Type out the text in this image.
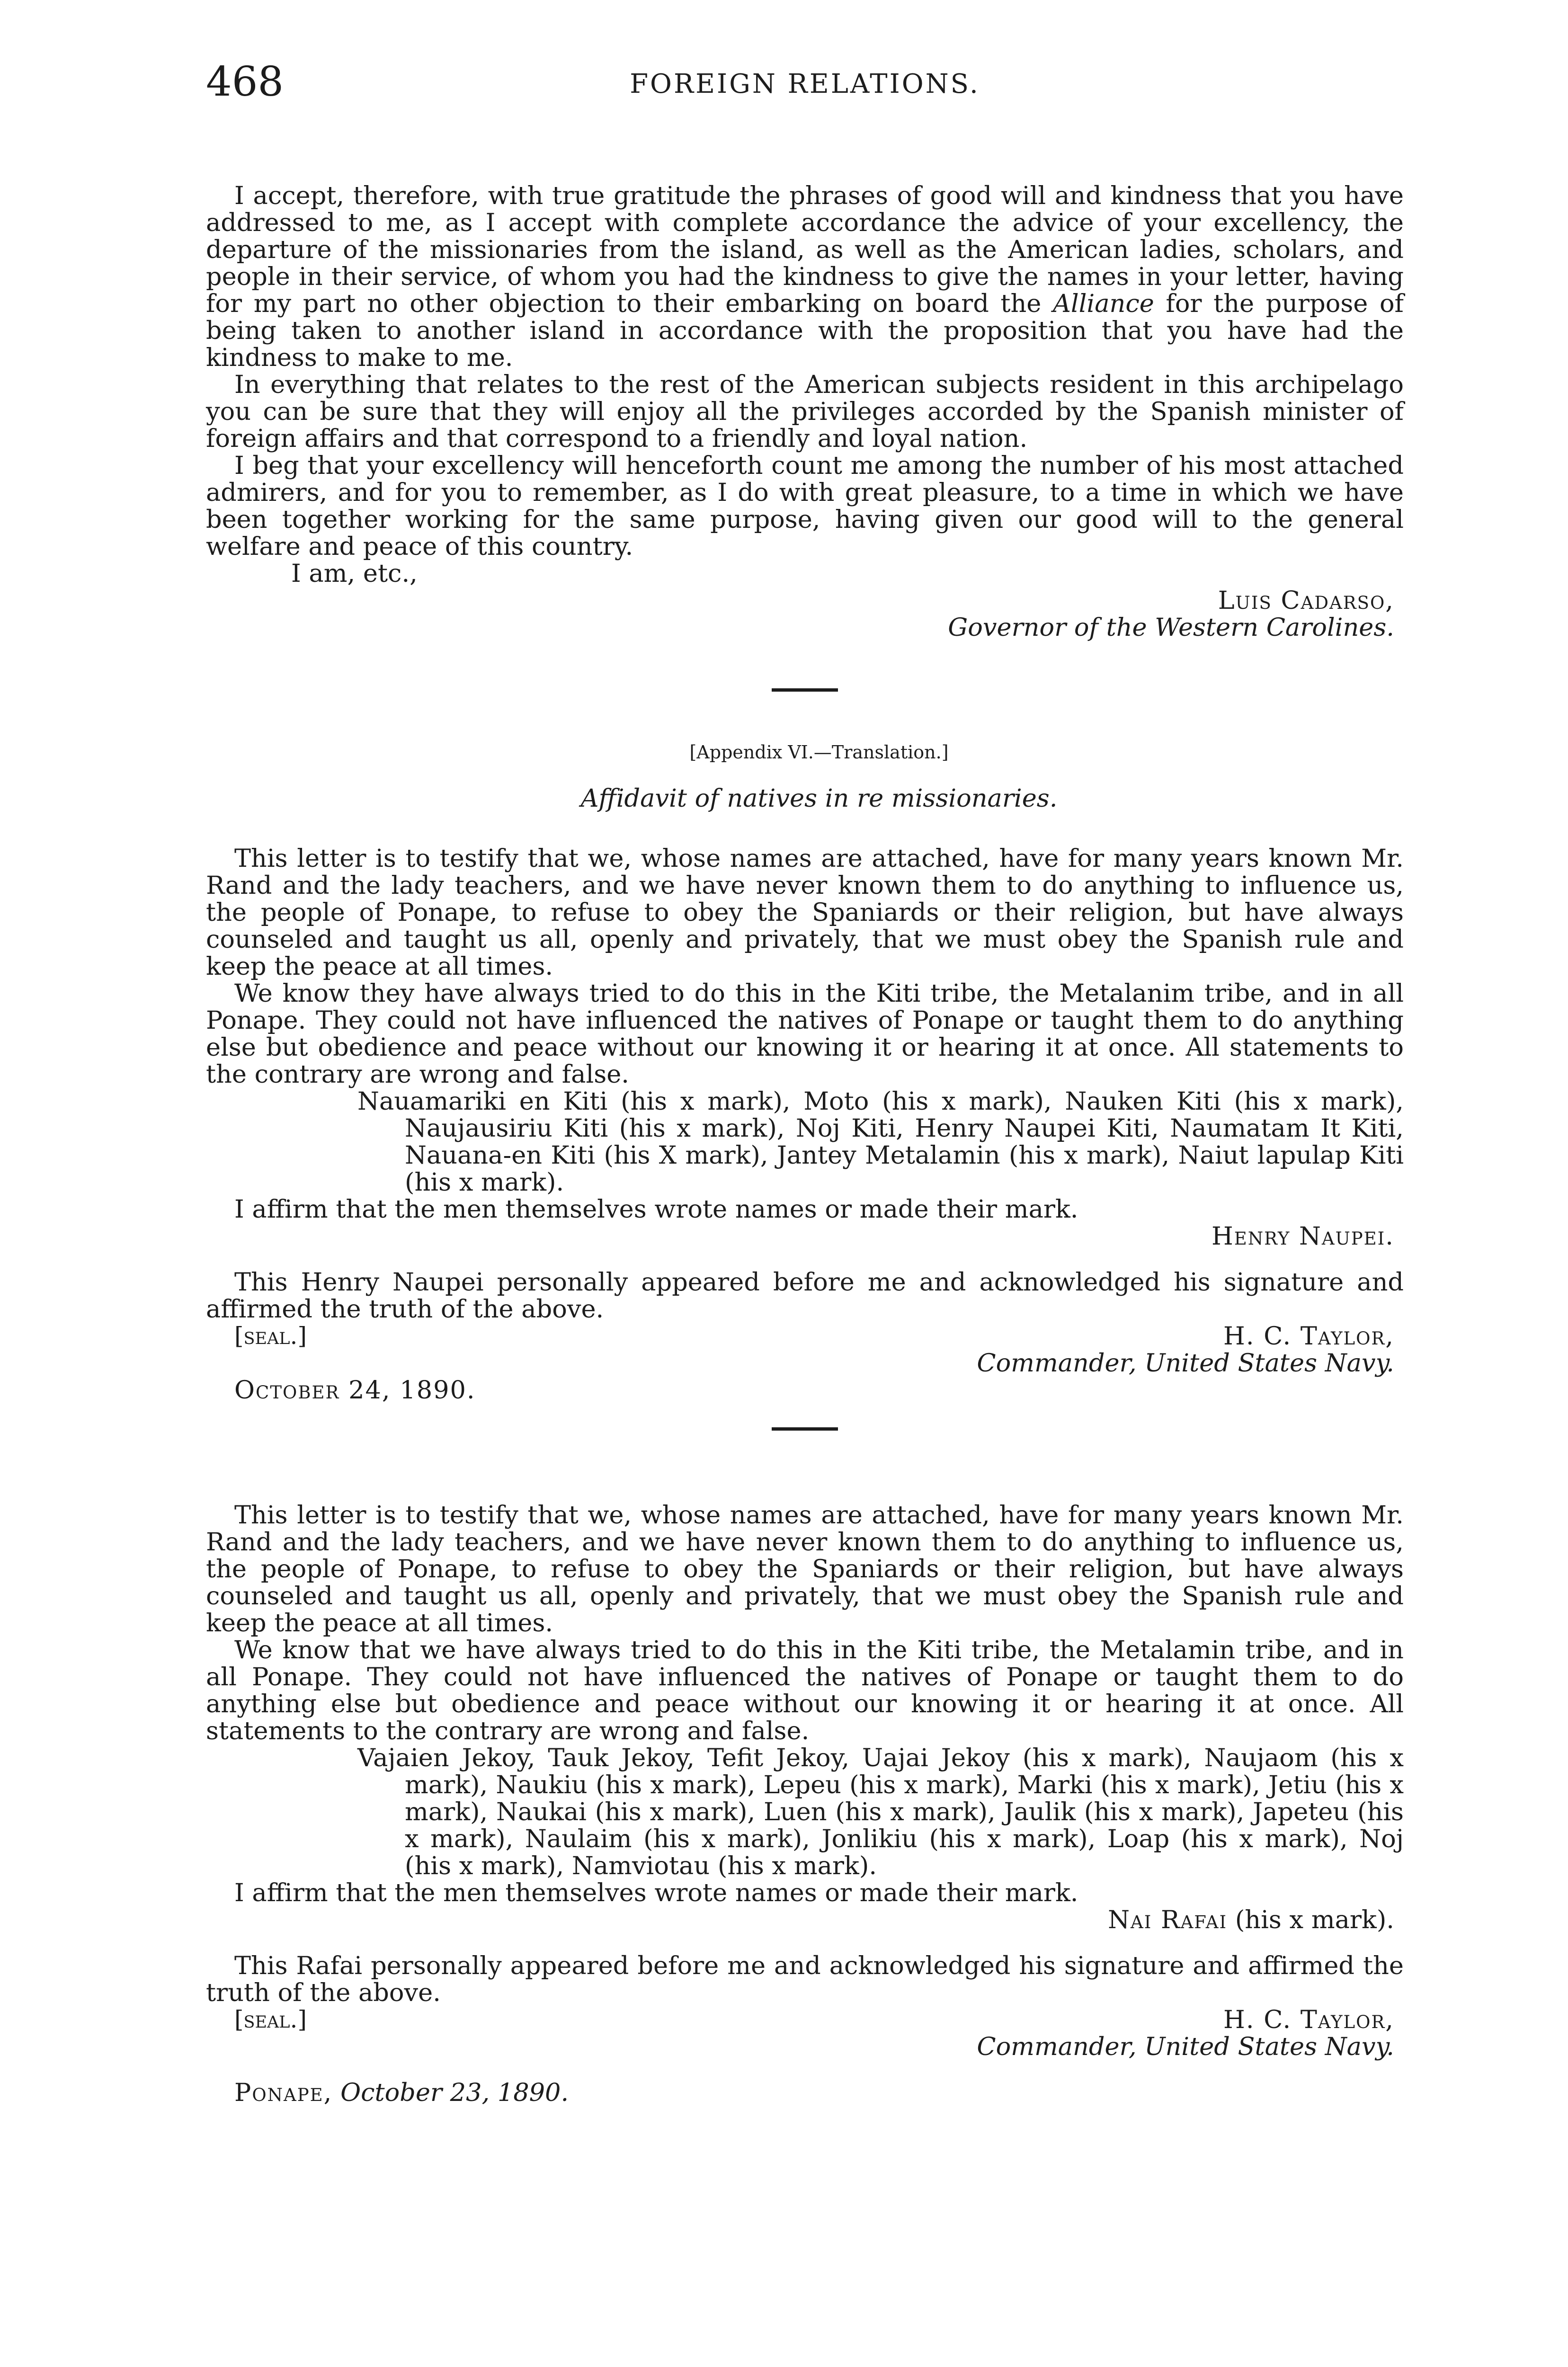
468	FOREIGN RELATIONS.

I accept, therefore, with true gratitude the phrases of good will and kindness that you have addressed to me, as I accept with complete accordance the advice of your excellency, the departure of the missionaries from the island, as well as the American ladies, scholars, and people in their service, of whom you had the kindness to give the names in your letter, having for my part no other objection to their embarking on board the Alliance for the purpose of being taken to another island in accordance with the proposition that you have had the kindness to make to me.

In everything that relates to the rest of the American subjects resident in this archipelago you can be sure that they will enjoy all the privileges accorded by the Spanish minister of foreign affairs and that correspond to a friendly and loyal nation.

I beg that your excellency will henceforth count me among the number of his most attached admirers, and for you to remember, as I do with great pleasure, to a time in which we have been together working for the same purpose, having given our good will to the general welfare and peace of this country.

I am, etc.,

Luis Cadarso,
Governor of the Western Carolines.

[Appendix VI.—Translation.]

Affidavit of natives in re missionaries.

This letter is to testify that we, whose names are attached, have for many years known Mr. Rand and the lady teachers, and we have never known them to do anything to influence us, the people of Ponape, to refuse to obey the Spaniards or their religion, but have always counseled and taught us all, openly and privately, that we must obey the Spanish rule and keep the peace at all times.

We know they have always tried to do this in the Kiti tribe, the Metalanim tribe, and in all Ponape. They could not have influenced the natives of Ponape or taught them to do anything else but obedience and peace without our knowing it or hearing it at once. All statements to the contrary are wrong and false.

Nauamariki en Kiti (his x mark), Moto (his x mark), Nauken Kiti (his x mark), Naujausiriu Kiti (his x mark), Noj Kiti, Henry Naupei Kiti, Naumatam It Kiti, Nauana-en Kiti (his X mark), Jantey Metalamin (his x mark), Naiut lapulap Kiti (his x mark).

I affirm that the men themselves wrote names or made their mark.

Henry Naupei.

This Henry Naupei personally appeared before me and acknowledged his signature and affirmed the truth of the above.

[seal.]	H. C. Taylor,
Commander, United States Navy.

October 24, 1890.

This letter is to testify that we, whose names are attached, have for many years known Mr. Rand and the lady teachers, and we have never known them to do anything to influence us, the people of Ponape, to refuse to obey the Spaniards or their religion, but have always counseled and taught us all, openly and privately, that we must obey the Spanish rule and keep the peace at all times.

We know that we have always tried to do this in the Kiti tribe, the Metalamin tribe, and in all Ponape. They could not have influenced the natives of Ponape or taught them to do anything else but obedience and peace without our knowing it or hearing it at once. All statements to the contrary are wrong and false.

Vajaien Jekoy, Tauk Jekoy, Tefit Jekoy, Uajai Jekoy (his x mark), Naujaom (his x mark), Naukiu (his x mark), Lepeu (his x mark), Marki (his x mark), Jetiu (his x mark), Naukai (his x mark), Luen (his x mark), Jaulik (his x mark), Japeteu (his x mark), Naulaim (his x mark), Jonlikiu (his x mark), Loap (his x mark), Noj (his x mark), Namviotau (his x mark).

I affirm that the men themselves wrote names or made their mark.

Nai Rafai (his x mark).

This Rafai personally appeared before me and acknowledged his signature and affirmed the truth of the above.

[seal.]	H. C. Taylor,
Commander, United States Navy.

Ponape, October 23, 1890.
